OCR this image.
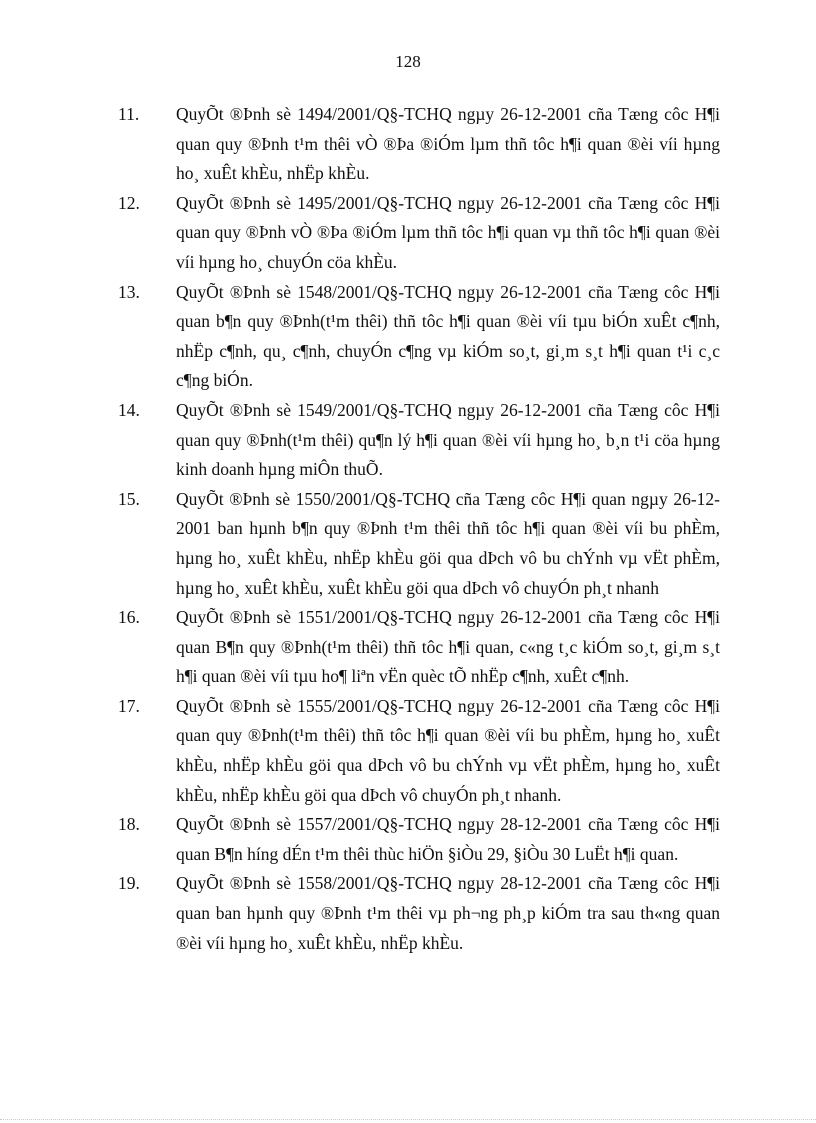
128
11. QuyÕt ®Þnh sè 1494/2001/Q§-TCHQ ngµy 26-12-2001 cña Tæng côc H¶i quan quy ®Þnh t¹m thêi vÒ ®Þa ®iÓm lµm thñ tôc h¶i quan ®èi víi hµng ho¸ xuÊt khÈu, nhËp khÈu.
12. QuyÕt ®Þnh sè 1495/2001/Q§-TCHQ ngµy 26-12-2001 cña Tæng côc H¶i quan quy ®Þnh vÒ ®Þa ®iÓm lµm thñ tôc h¶i quan vµ thñ tôc h¶i quan ®èi víi hµng ho¸ chuyÓn cöa khÈu.
13. QuyÕt ®Þnh sè 1548/2001/Q§-TCHQ ngµy 26-12-2001 cña Tæng côc H¶i quan b¶n quy ®Þnh(t¹m thêi) thñ tôc h¶i quan ®èi víi tµu biÓn xuÊt c¶nh, nhËp c¶nh, qu¸ c¶nh, chuyÓn c¶ng vµ kiÓm so¸t, gi¸m s¸t h¶i quan t¹i c¸c c¶ng biÓn.
14. QuyÕt ®Þnh sè 1549/2001/Q§-TCHQ ngµy 26-12-2001 cña Tæng côc H¶i quan quy ®Þnh(t¹m thêi) qu¶n lý h¶i quan ®èi víi hµng ho¸ b¸n t¹i cöa hµng kinh doanh hµng miÔn thuÕ.
15. QuyÕt ®Þnh sè 1550/2001/Q§-TCHQ cña Tæng côc H¶i quan ngµy 26-12-2001 ban hµnh b¶n quy ®Þnh t¹m thêi thñ tôc h¶i quan ®èi víi bu phÈm, hµng ho¸ xuÊt khÈu, nhËp khÈu göi qua dÞch vô bu chÝnh vµ vËt phÈm, hµng ho¸ xuÊt khÈu, xuÊt khÈu göi qua dÞch vô chuyÓn ph¸t nhanh
16. QuyÕt ®Þnh sè 1551/2001/Q§-TCHQ ngµy 26-12-2001 cña Tæng côc H¶i quan B¶n quy ®Þnh(t¹m thêi) thñ tôc h¶i quan, c«ng t¸c kiÓm so¸t, gi¸m s¸t h¶i quan ®èi víi tµu ho¶ liªn vËn quèc tÕ nhËp c¶nh, xuÊt c¶nh.
17. QuyÕt ®Þnh sè 1555/2001/Q§-TCHQ ngµy 26-12-2001 cña Tæng côc H¶i quan quy ®Þnh(t¹m thêi) thñ tôc h¶i quan ®èi víi bu phÈm, hµng ho¸ xuÊt khÈu, nhËp khÈu göi qua dÞch vô bu chÝnh vµ vËt phÈm, hµng ho¸ xuÊt khÈu, nhËp khÈu göi qua dÞch vô chuyÓn ph¸t nhanh.
18. QuyÕt ®Þnh sè 1557/2001/Q§-TCHQ ngµy 28-12-2001 cña Tæng côc H¶i quan B¶n híng dÉn t¹m thêi thùc hiÖn §iÒu 29, §iÒu 30 LuËt h¶i quan.
19. QuyÕt ®Þnh sè 1558/2001/Q§-TCHQ ngµy 28-12-2001 cña Tæng côc H¶i quan ban hµnh quy ®Þnh t¹m thêi vµ ph¬ng ph¸p kiÓm tra sau th«ng quan ®èi víi hµng ho¸ xuÊt khÈu, nhËp khÈu.
